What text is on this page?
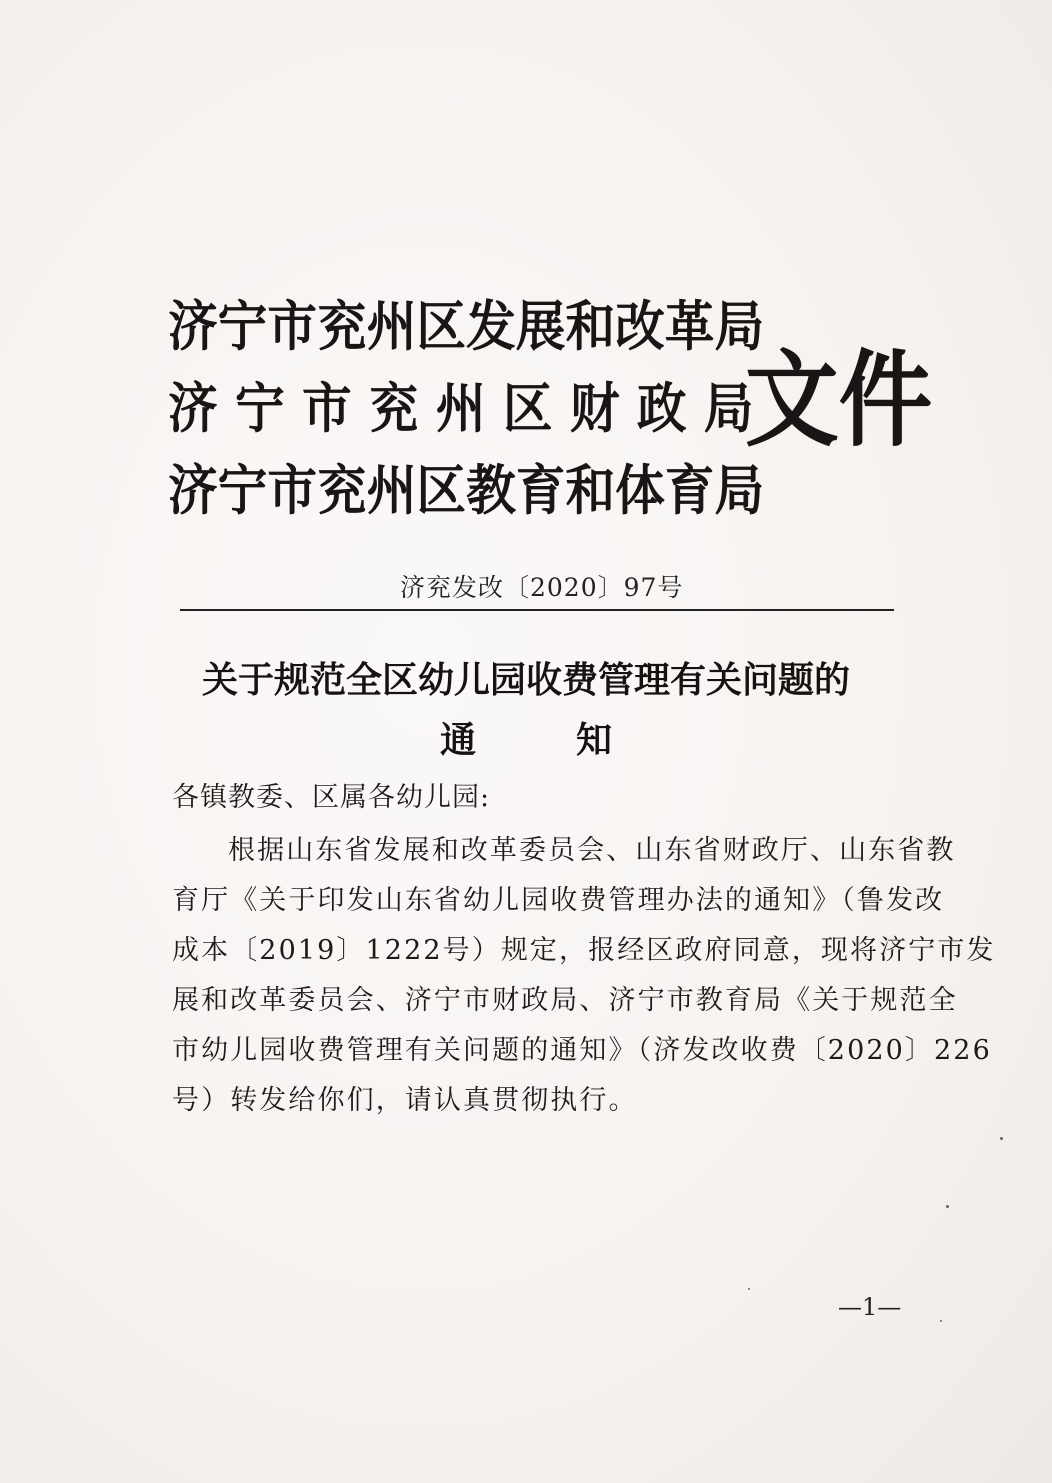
济宁市兖州区发展和改革局
济 宁 市 兖 州 区 财 政 局
济宁市兖州区教育和体育局
文件
济兖发改〔2020〕97号
关于规范全区幼儿园收费管理有关问题的
通知
各镇教委、区属各幼儿园:
根据山东省发展和改革委员会、山东省财政厅、山东省教
育厅《关于印发山东省幼儿园收费管理办法的通知》（鲁发改
成本〔2019〕1222号）规定，报经区政府同意，现将济宁市发
展和改革委员会、济宁市财政局、济宁市教育局《关于规范全
市幼儿园收费管理有关问题的通知》（济发改收费〔2020〕226
号）转发给你们，请认真贯彻执行。
—1—
